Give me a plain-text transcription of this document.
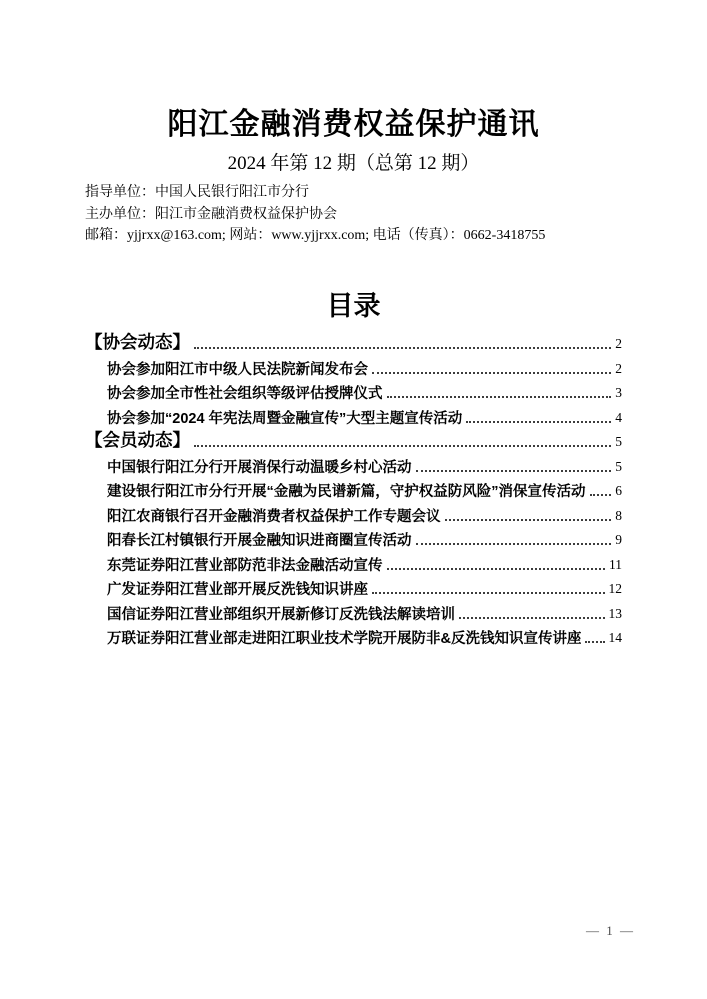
阳江金融消费权益保护通讯
2024 年第 12 期（总第 12 期）
指导单位：中国人民银行阳江市分行
主办单位：阳江市金融消费权益保护协会
邮箱：yjjrxx@163.com; 网站：www.yjjrxx.com; 电话（传真）：0662-3418755
目录
【协会动态】	2
协会参加阳江市中级人民法院新闻发布会	2
协会参加全市性社会组织等级评估授牌仪式	3
协会参加“2024 年宪法周暨金融宣传”大型主题宣传活动	4
【会员动态】	5
中国银行阳江分行开展消保行动温暖乡村心活动	5
建设银行阳江市分行开展“金融为民谱新篇，守护权益防风险”消保宣传活动 6
阳江农商银行召开金融消费者权益保护工作专题会议	8
阳春长江村镇银行开展金融知识进商圈宣传活动	9
东莞证券阳江营业部防范非法金融活动宣传	11
广发证券阳江营业部开展反洗钱知识讲座	12
国信证券阳江营业部组织开展新修订反洗钱法解读培训	13
万联证券阳江营业部走进阳江职业技术学院开展防非&反洗钱知识宣传讲座 14
— 1 —
